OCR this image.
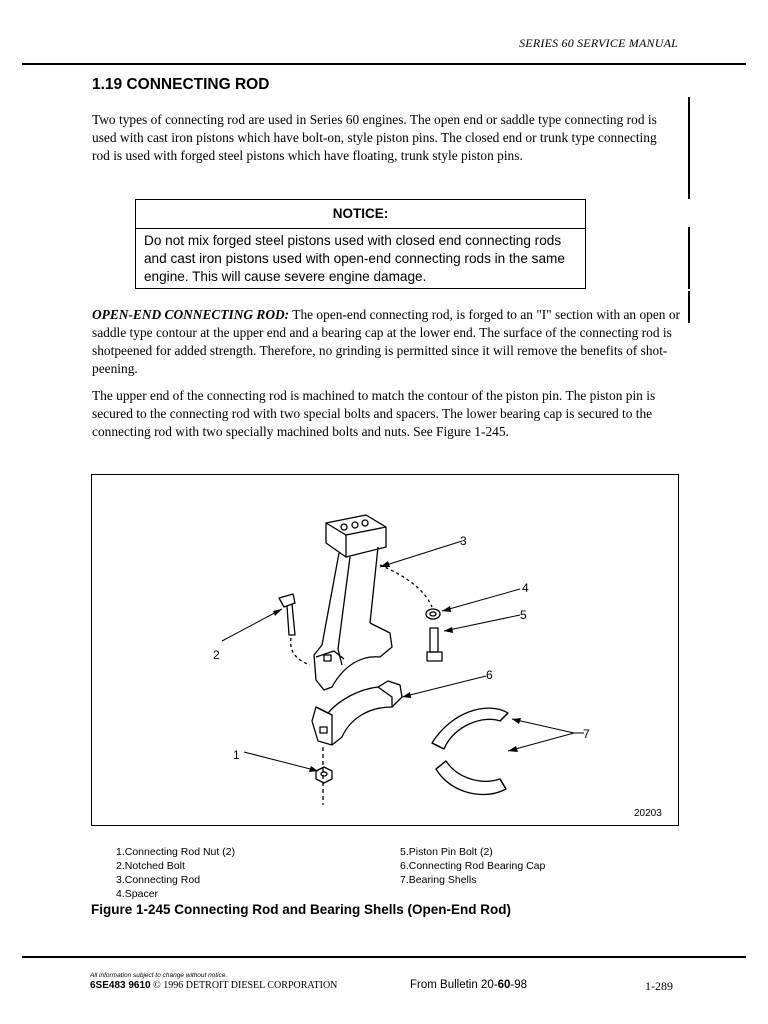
SERIES 60 SERVICE MANUAL
1.19 CONNECTING ROD
Two types of connecting rod are used in Series 60 engines. The open end or saddle type connecting rod is used with cast iron pistons which have bolt-on, style piston pins. The closed end or trunk type connecting rod is used with forged steel pistons which have floating, trunk style piston pins.
NOTICE:
Do not mix forged steel pistons used with closed end connecting rods and cast iron pistons used with open-end connecting rods in the same engine. This will cause severe engine damage.
OPEN-END CONNECTING ROD: The open-end connecting rod, is forged to an "I" section with an open or saddle type contour at the upper end and a bearing cap at the lower end. The surface of the connecting rod is shotpeened for added strength. Therefore, no grinding is permitted since it will remove the benefits of shot-peening.
The upper end of the connecting rod is machined to match the contour of the piston pin. The piston pin is secured to the connecting rod with two special bolts and spacers. The lower bearing cap is secured to the connecting rod with two specially machined bolts and nuts. See Figure 1-245.
3
4
5
2
6
1
7
20203
1.Connecting Rod Nut (2)
2.Notched Bolt
3.Connecting Rod
4.Spacer
5.Piston Pin Bolt (2)
6.Connecting Rod Bearing Cap
7.Bearing Shells
Figure 1-245 Connecting Rod and Bearing Shells (Open-End Rod)
All information subject to change without notice.
6SE483 9610 © 1996 DETROIT DIESEL CORPORATION	From Bulletin 20-60-98	1-289
